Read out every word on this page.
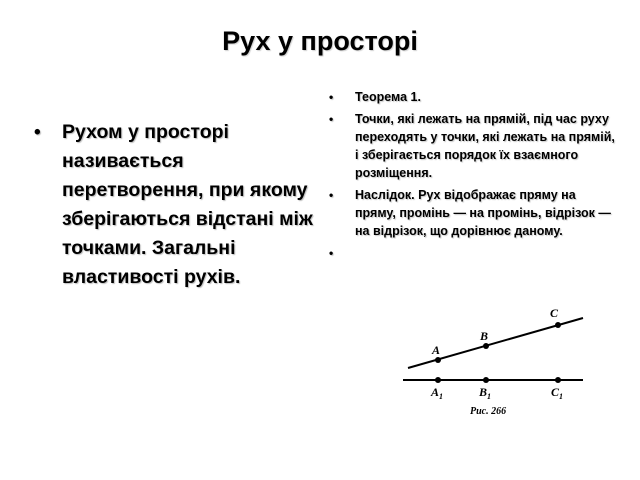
Рух у просторі
• Рухом у просторі називається перетворення, при якому зберігаються відстані між точками. Загальні властивості рухів.
• Теорема 1.
• Точки, які лежать на прямій, під час руху переходять у точки, які лежать на прямій, і зберігається порядок їх взаємного розміщення.
• Наслідок. Рух відображає пряму на пряму, промінь — на промінь, відрізок — на відрізок, що дорівнює даному.
•
A
B
C
$A_1$	$B_1$	$C_1$
Рис. 266
